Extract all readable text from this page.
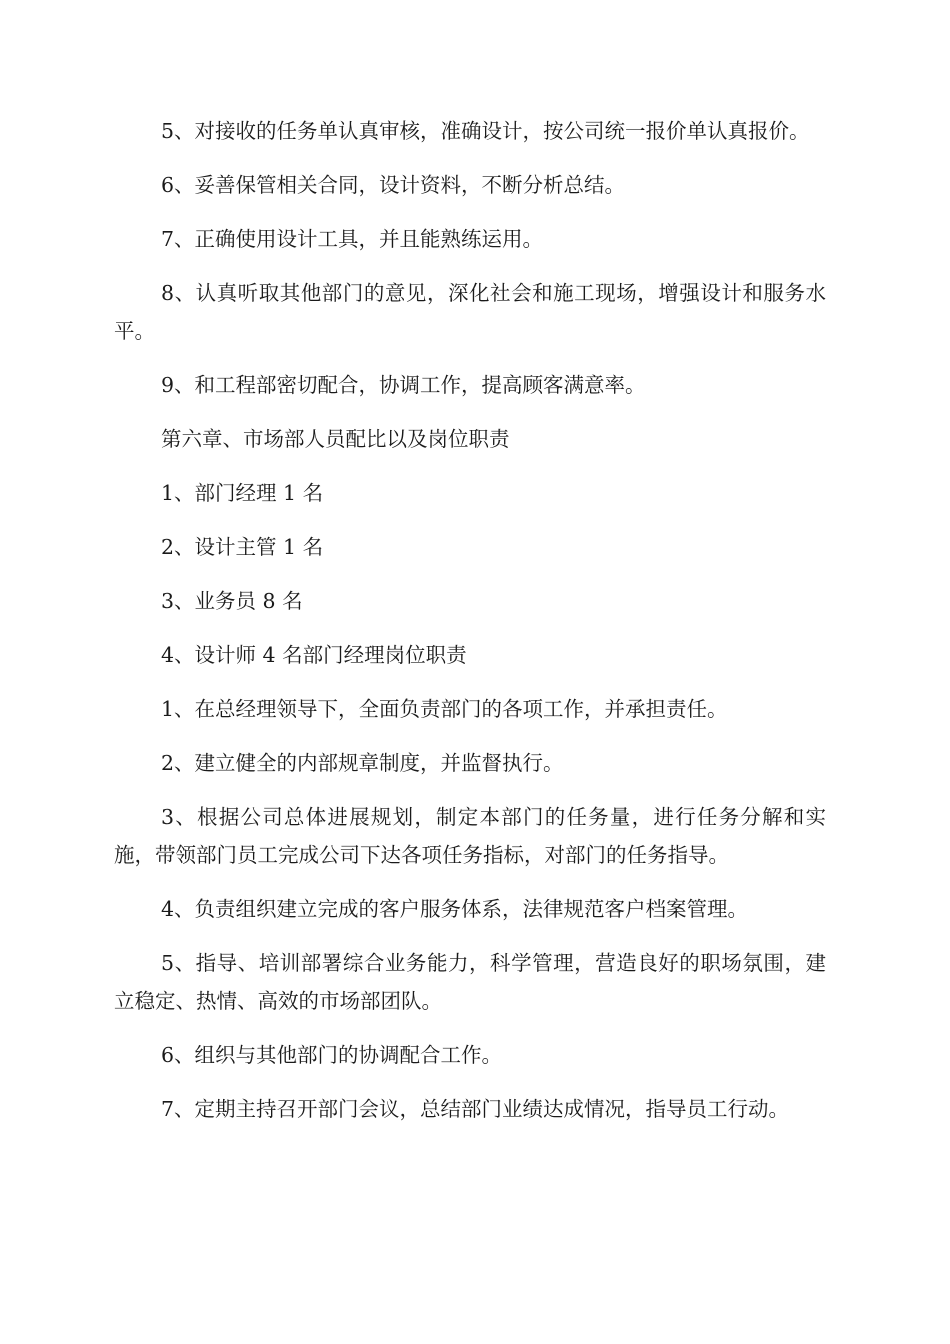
5、对接收的任务单认真审核，准确设计，按公司统一报价单认真报价。

6、妥善保管相关合同，设计资料，不断分析总结。

7、正确使用设计工具，并且能熟练运用。

8、认真听取其他部门的意见，深化社会和施工现场，增强设计和服务水平。

9、和工程部密切配合，协调工作，提高顾客满意率。

第六章、市场部人员配比以及岗位职责

1、部门经理 1 名

2、设计主管 1 名

3、业务员 8 名

4、设计师 4 名部门经理岗位职责

1、在总经理领导下，全面负责部门的各项工作，并承担责任。

2、建立健全的内部规章制度，并监督执行。

3、根据公司总体进展规划，制定本部门的任务量，进行任务分解和实施，带领部门员工完成公司下达各项任务指标，对部门的任务指导。

4、负责组织建立完成的客户服务体系，法律规范客户档案管理。

5、指导、培训部署综合业务能力，科学管理，营造良好的职场氛围，建立稳定、热情、高效的市场部团队。

6、组织与其他部门的协调配合工作。

7、定期主持召开部门会议，总结部门业绩达成情况，指导员工行动。
